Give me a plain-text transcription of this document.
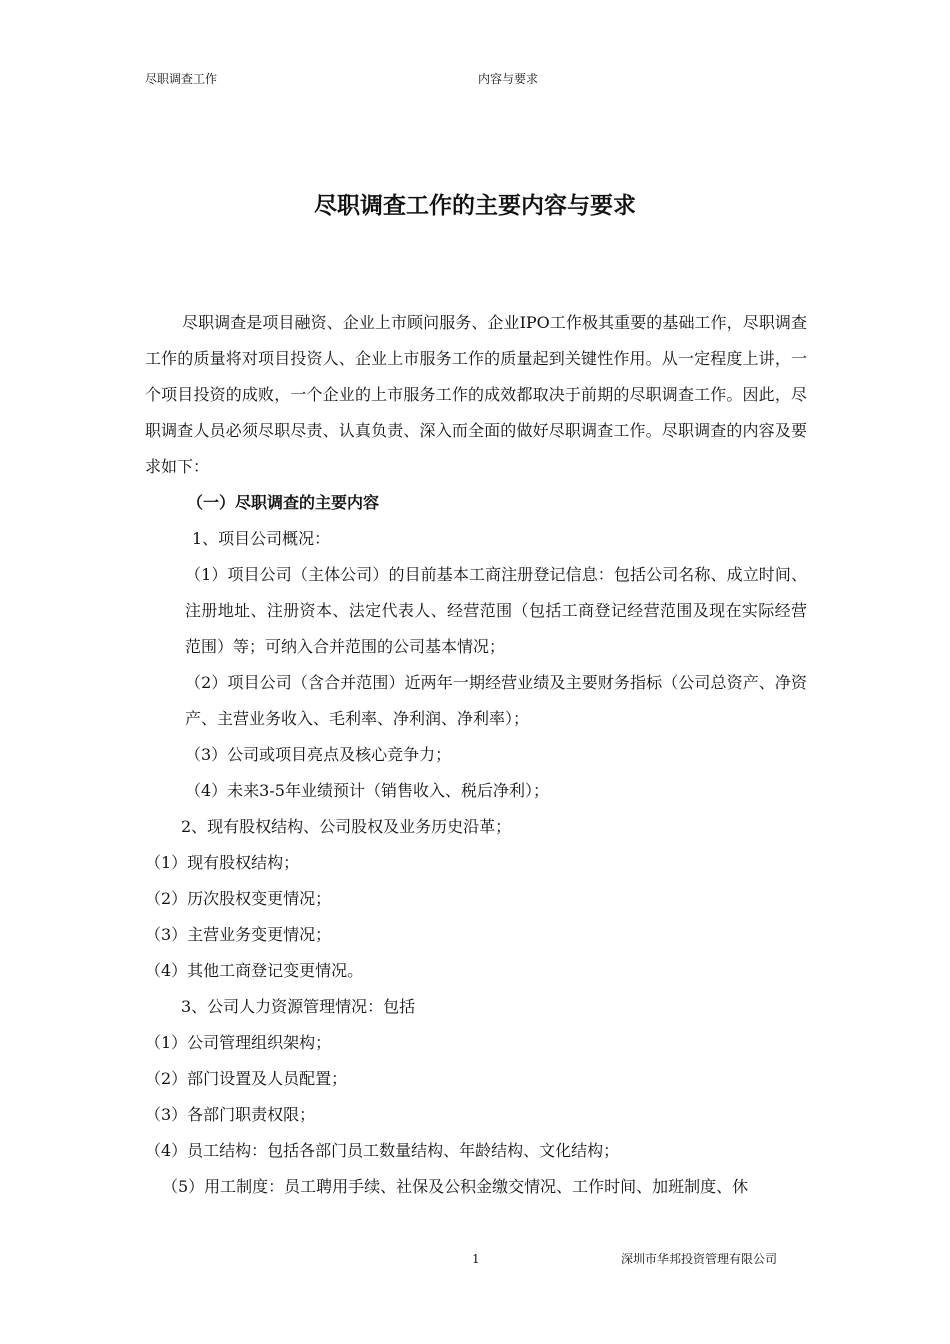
尽职调查工作	内容与要求
尽职调查工作的主要内容与要求

尽职调查是项目融资、企业上市顾问服务、企业IPO工作极其重要的基础工作，尽职调查工作的质量将对项目投资人、企业上市服务工作的质量起到关键性作用。从一定程度上讲，一个项目投资的成败，一个企业的上市服务工作的成效都取决于前期的尽职调查工作。因此，尽职调查人员必须尽职尽责、认真负责、深入而全面的做好尽职调查工作。尽职调查的内容及要求如下：

（一）尽职调查的主要内容

1、项目公司概况：

（1）项目公司（主体公司）的目前基本工商注册登记信息：包括公司名称、成立时间、注册地址、注册资本、法定代表人、经营范围（包括工商登记经营范围及现在实际经营范围）等；可纳入合并范围的公司基本情况；

（2）项目公司（含合并范围）近两年一期经营业绩及主要财务指标（公司总资产、净资产、主营业务收入、毛利率、净利润、净利率）；

（3）公司或项目亮点及核心竞争力；

（4）未来3-5年业绩预计（销售收入、税后净利）；

2、现有股权结构、公司股权及业务历史沿革；

（1）现有股权结构；

（2）历次股权变更情况；

（3）主营业务变更情况；

（4）其他工商登记变更情况。

3、公司人力资源管理情况：包括

（1）公司管理组织架构；

（2）部门设置及人员配置；

（3）各部门职责权限；

（4）员工结构：包括各部门员工数量结构、年龄结构、文化结构；

（5）用工制度：员工聘用手续、社保及公积金缴交情况、工作时间、加班制度、休

1	深圳市华邦投资管理有限公司
